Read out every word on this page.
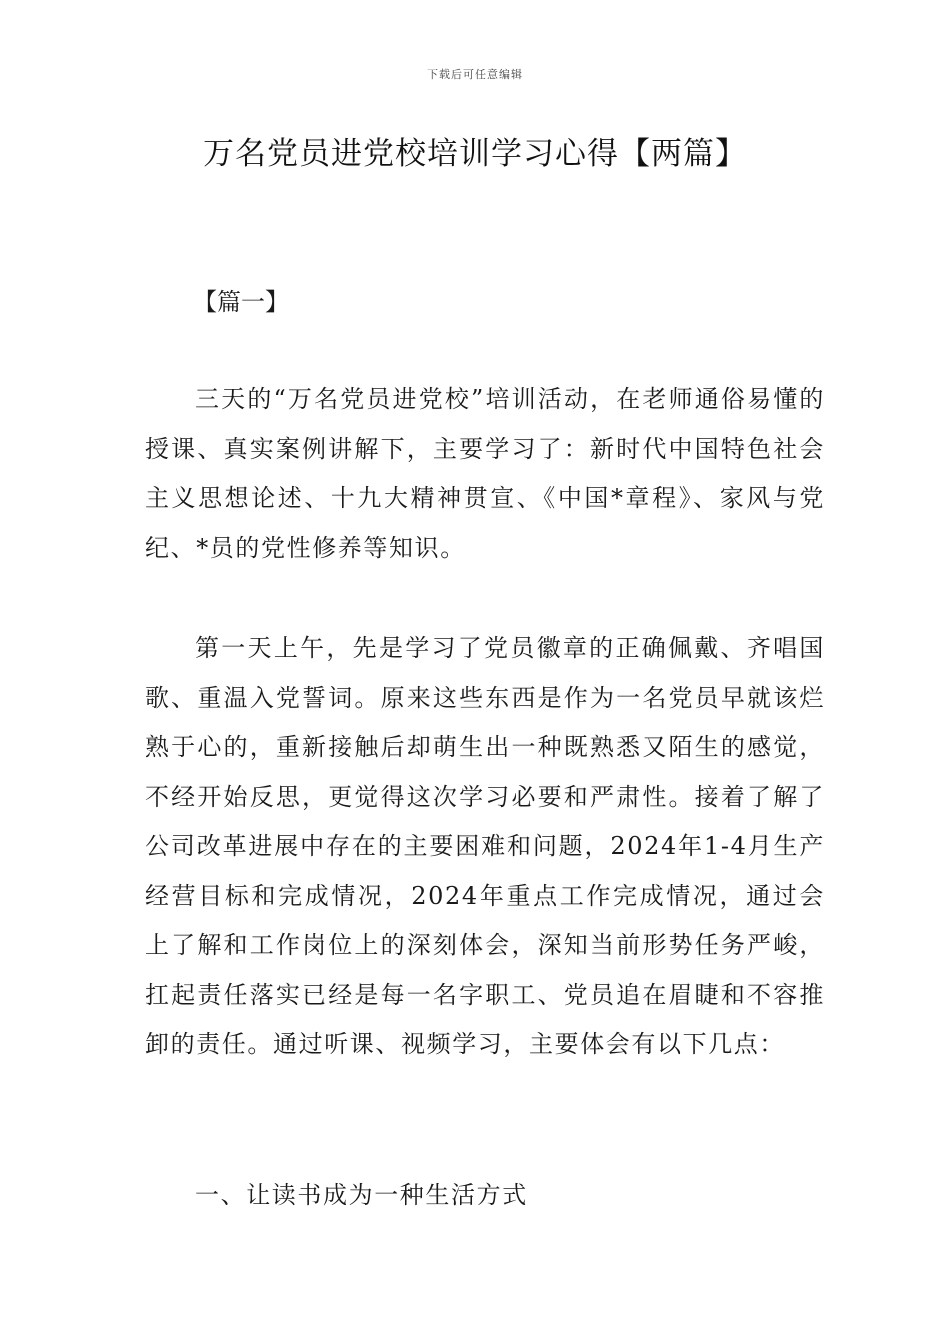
下载后可任意编辑
万名党员进党校培训学习心得【两篇】
【篇一】
三天的“万名党员进党校”培训活动，在老师通俗易懂的授课、真实案例讲解下，主要学习了：新时代中国特色社会主义思想论述、十九大精神贯宣、《中国*章程》、家风与党纪、*员的党性修养等知识。
第一天上午，先是学习了党员徽章的正确佩戴、齐唱国歌、重温入党誓词。原来这些东西是作为一名党员早就该烂熟于心的，重新接触后却萌生出一种既熟悉又陌生的感觉，不经开始反思，更觉得这次学习必要和严肃性。接着了解了公司改革进展中存在的主要困难和问题，2024年1-4月生产经营目标和完成情况，2024年重点工作完成情况，通过会上了解和工作岗位上的深刻体会，深知当前形势任务严峻，扛起责任落实已经是每一名字职工、党员追在眉睫和不容推卸的责任。通过听课、视频学习，主要体会有以下几点：
一、让读书成为一种生活方式
